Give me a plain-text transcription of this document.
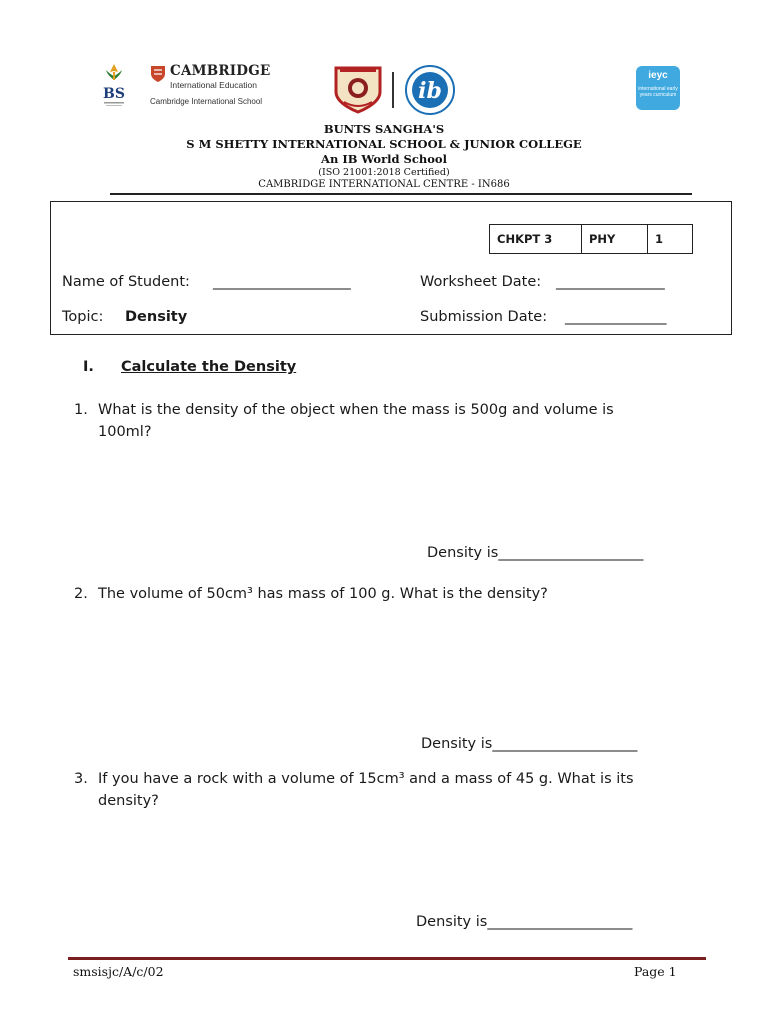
BS
CAMBRIDGE
International Education
Cambridge International School	ib
ieyc
international early years curriculum
BUNTS SANGHA'S
S M SHETTY INTERNATIONAL SCHOOL & JUNIOR COLLEGE
An IB World School
(ISO 21001:2018 Certified)
CAMBRIDGE INTERNATIONAL CENTRE - IN686
CHKPT 3	PHY	1
Name of Student: ___________________	Worksheet Date: _______________
Topic: Density	Submission Date: ______________
I. Calculate the Density
1. What is the density of the object when the mass is 500g and volume is 100ml?
Density is____________________
2. The volume of 50cm³ has mass of 100 g. What is the density?
Density is____________________
3. If you have a rock with a volume of 15cm³ and a mass of 45 g. What is its density?
Density is____________________
smsisjc/A/c/02	Page 1
